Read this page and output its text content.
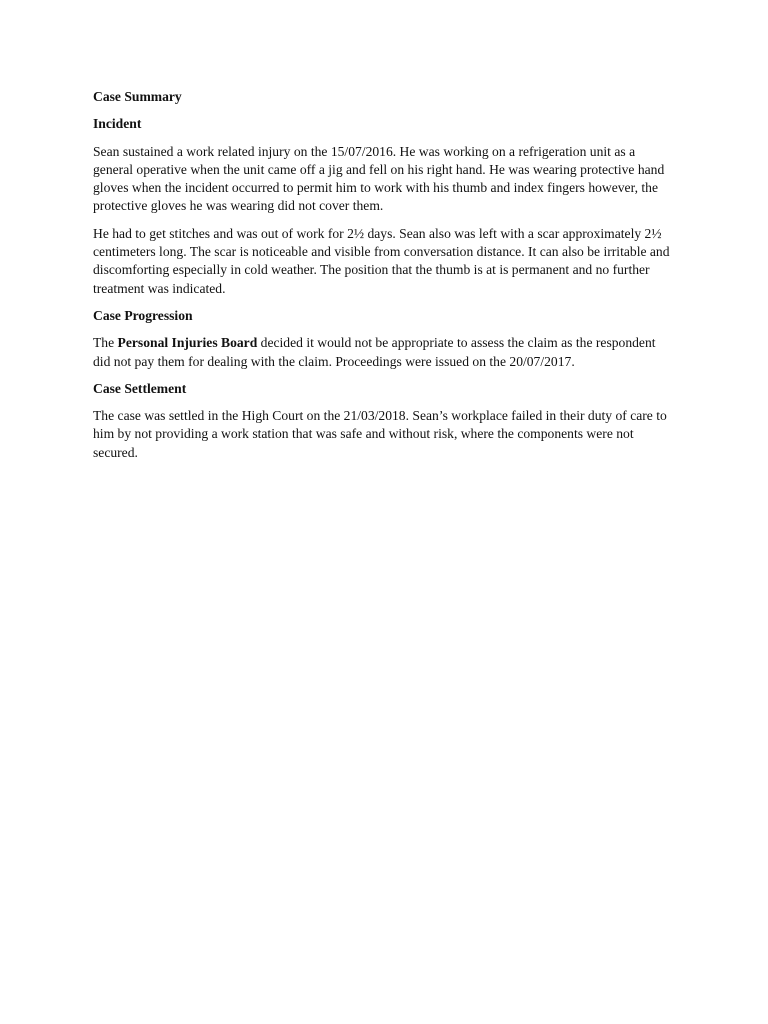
Case Summary

Incident

Sean sustained a work related injury on the 15/07/2016. He was working on a refrigeration unit as a general operative when the unit came off a jig and fell on his right hand. He was wearing protective hand gloves when the incident occurred to permit him to work with his thumb and index fingers however, the protective gloves he was wearing did not cover them.

He had to get stitches and was out of work for 2½ days. Sean also was left with a scar approximately 2½ centimeters long. The scar is noticeable and visible from conversation distance. It can also be irritable and discomforting especially in cold weather. The position that the thumb is at is permanent and no further treatment was indicated.

Case Progression

The Personal Injuries Board decided it would not be appropriate to assess the claim as the respondent did not pay them for dealing with the claim. Proceedings were issued on the 20/07/2017.

Case Settlement

The case was settled in the High Court on the 21/03/2018. Sean’s workplace failed in their duty of care to him by not providing a work station that was safe and without risk, where the components were not secured.
